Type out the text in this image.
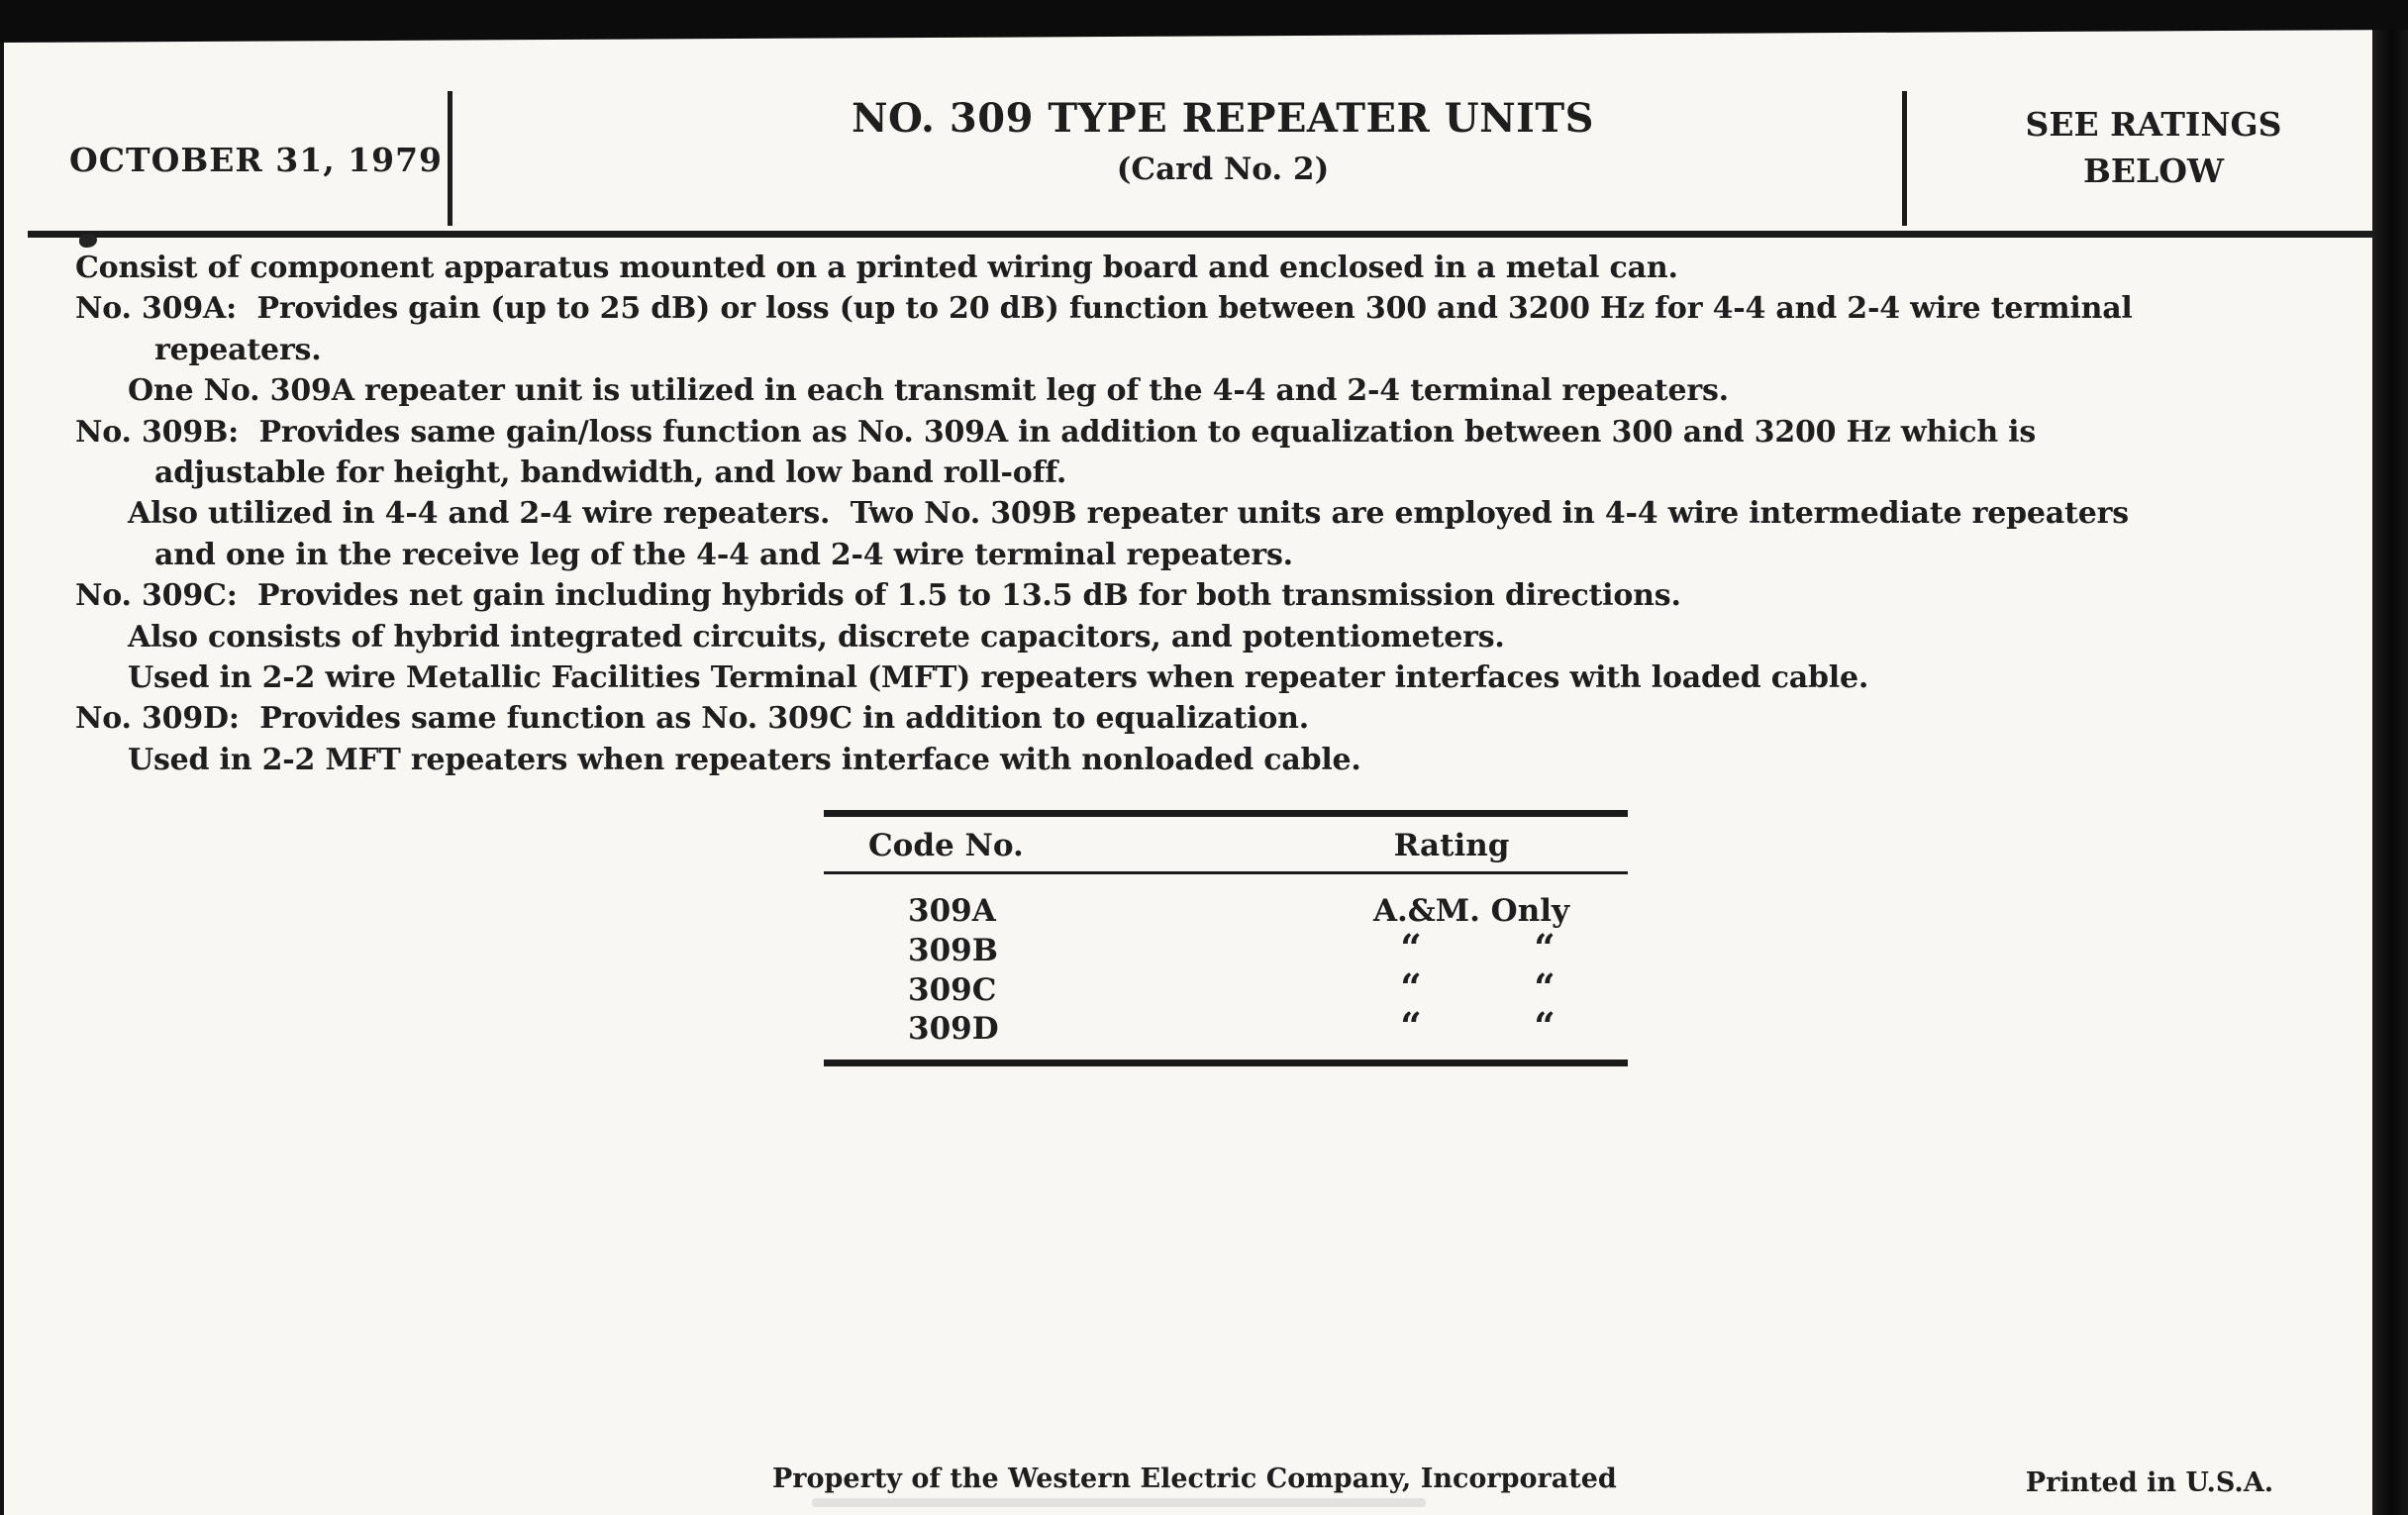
OCTOBER 31, 1979
NO. 309 TYPE REPEATER UNITS
(Card No. 2)
SEE RATINGS
BELOW
Consist of component apparatus mounted on a printed wiring board and enclosed in a metal can.
No. 309A:  Provides gain (up to 25 dB) or loss (up to 20 dB) function between 300 and 3200 Hz for 4-4 and 2-4 wire terminal
repeaters.
One No. 309A repeater unit is utilized in each transmit leg of the 4-4 and 2-4 terminal repeaters.
No. 309B:  Provides same gain/loss function as No. 309A in addition to equalization between 300 and 3200 Hz which is
adjustable for height, bandwidth, and low band roll-off.
Also utilized in 4-4 and 2-4 wire repeaters.  Two No. 309B repeater units are employed in 4-4 wire intermediate repeaters
and one in the receive leg of the 4-4 and 2-4 wire terminal repeaters.
No. 309C:  Provides net gain including hybrids of 1.5 to 13.5 dB for both transmission directions.
Also consists of hybrid integrated circuits, discrete capacitors, and potentiometers.
Used in 2-2 wire Metallic Facilities Terminal (MFT) repeaters when repeater interfaces with loaded cable.
No. 309D:  Provides same function as No. 309C in addition to equalization.
Used in 2-2 MFT repeaters when repeaters interface with nonloaded cable.
Code No.	Rating
309A	A.&M. Only
309B	“	“
309C	“	“
309D	“	“
Property of the Western Electric Company, Incorporated	Printed in U.S.A.
